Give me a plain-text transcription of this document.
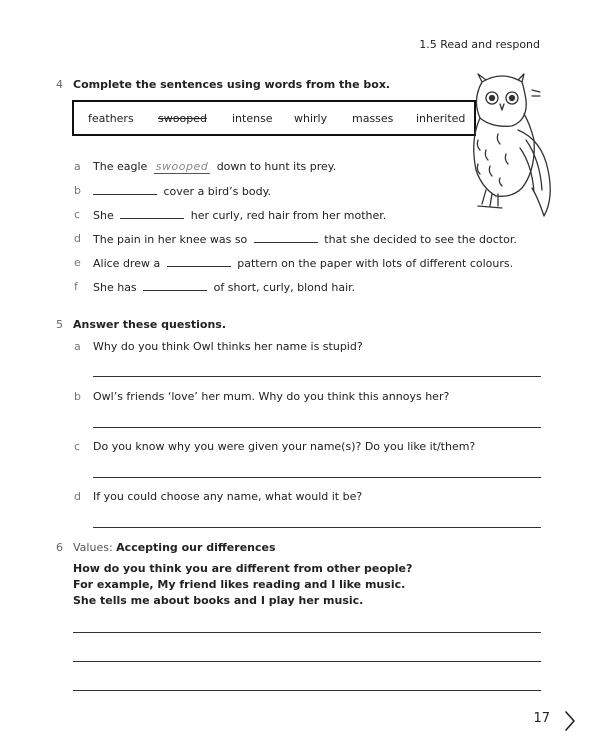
1.5 Read and respond
4 Complete the sentences using words from the box.
feathers swooped intense whirly masses inherited
a The eagle swooped down to hunt its prey.
b	cover a bird’s body.
c She	her curly, red hair from her mother.
d The pain in her knee was so	that she decided to see the doctor.
e Alice drew a	pattern on the paper with lots of different colours.
f She has	of short, curly, blond hair.
5 Answer these questions.
a Why do you think Owl thinks her name is stupid?
b Owl’s friends ‘love’ her mum. Why do you think this annoys her?
c Do you know why you were given your name(s)? Do you like it/them?
d If you could choose any name, what would it be?
6 Values: Accepting our differences
How do you think you are different from other people?
For example, My friend likes reading and I like music.
She tells me about books and I play her music.
17
